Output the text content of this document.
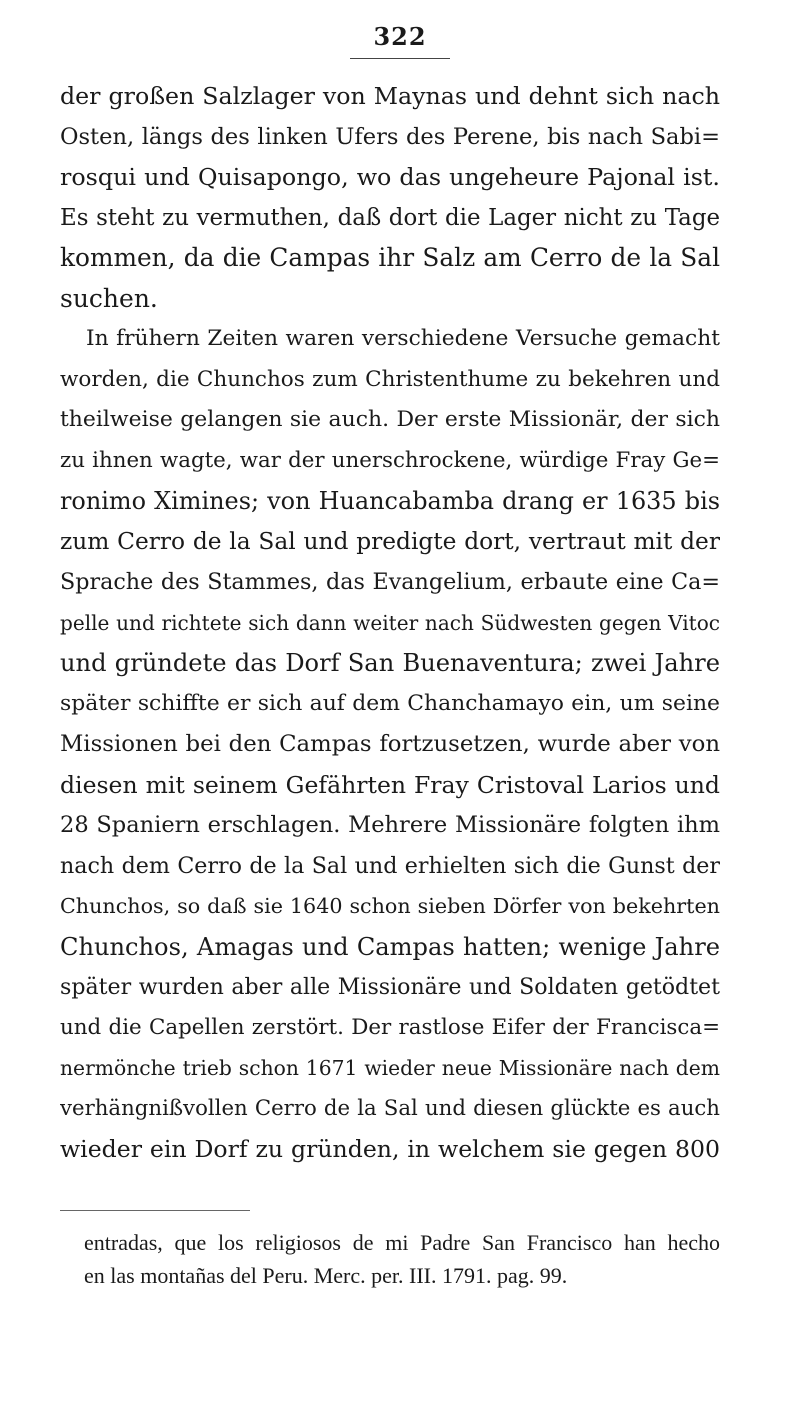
322
der großen Salzlager von Maynas und dehnt sich nach
Osten, längs des linken Ufers des Perene, bis nach Sabi=
rosqui und Quisapongo, wo das ungeheure Pajonal ist.
Es steht zu vermuthen, daß dort die Lager nicht zu Tage
kommen, da die Campas ihr Salz am Cerro de la Sal
suchen.
In frühern Zeiten waren verschiedene Versuche gemacht
worden, die Chunchos zum Christenthume zu bekehren und
theilweise gelangen sie auch. Der erste Missionär, der sich
zu ihnen wagte, war der unerschrockene, würdige Fray Ge=
ronimo Ximines; von Huancabamba drang er 1635 bis
zum Cerro de la Sal und predigte dort, vertraut mit der
Sprache des Stammes, das Evangelium, erbaute eine Ca=
pelle und richtete sich dann weiter nach Südwesten gegen Vitoc
und gründete das Dorf San Buenaventura; zwei Jahre
später schiffte er sich auf dem Chanchamayo ein, um seine
Missionen bei den Campas fortzusetzen, wurde aber von
diesen mit seinem Gefährten Fray Cristoval Larios und
28 Spaniern erschlagen. Mehrere Missionäre folgten ihm
nach dem Cerro de la Sal und erhielten sich die Gunst der
Chunchos, so daß sie 1640 schon sieben Dörfer von bekehrten
Chunchos, Amagas und Campas hatten; wenige Jahre
später wurden aber alle Missionäre und Soldaten getödtet
und die Capellen zerstört. Der rastlose Eifer der Francisca=
nermönche trieb schon 1671 wieder neue Missionäre nach dem
verhängnißvollen Cerro de la Sal und diesen glückte es auch
wieder ein Dorf zu gründen, in welchem sie gegen 800
entradas, que los religiosos de mi Padre San Francisco han hecho
en las montañas del Peru. Merc. per. III. 1791. pag. 99.
